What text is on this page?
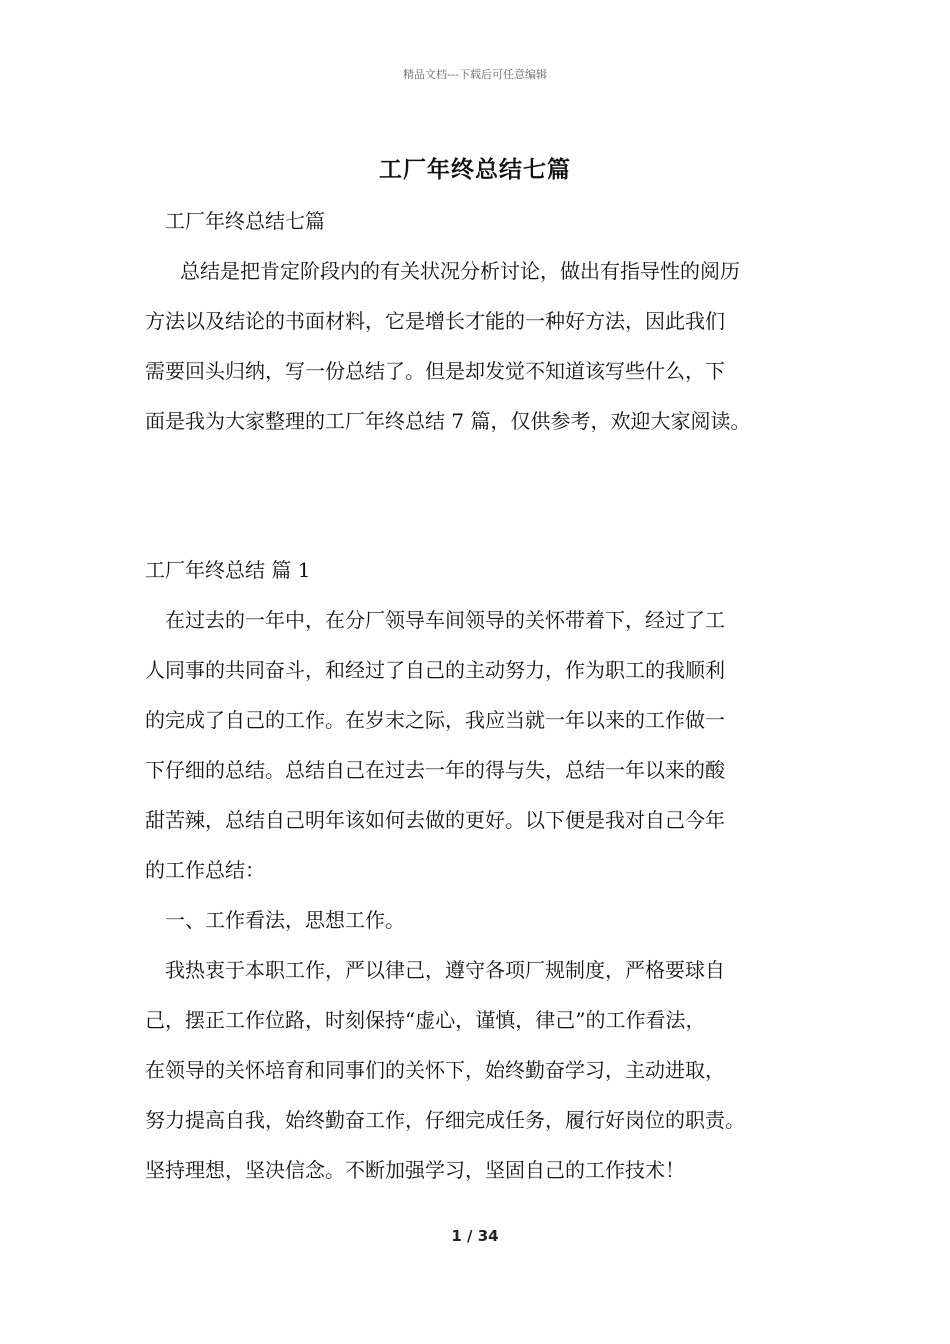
精品文档---下载后可任意编辑
工厂年终总结七篇

工厂年终总结七篇

总结是把肯定阶段内的有关状况分析讨论，做出有指导性的阅历

方法以及结论的书面材料，它是增长才能的一种好方法，因此我们

需要回头归纳，写一份总结了。但是却发觉不知道该写些什么，下

面是我为大家整理的工厂年终总结 7 篇，仅供参考，欢迎大家阅读。

工厂年终总结 篇 1

在过去的一年中，在分厂领导车间领导的关怀带着下，经过了工

人同事的共同奋斗，和经过了自己的主动努力，作为职工的我顺利

的完成了自己的工作。在岁末之际，我应当就一年以来的工作做一

下仔细的总结。总结自己在过去一年的得与失，总结一年以来的酸

甜苦辣，总结自己明年该如何去做的更好。以下便是我对自己今年

的工作总结：

一、工作看法，思想工作。

我热衷于本职工作，严以律己，遵守各项厂规制度，严格要球自

己，摆正工作位路，时刻保持“虚心，谨慎，律己”的工作看法，

在领导的关怀培育和同事们的关怀下，始终勤奋学习，主动进取，

努力提高自我，始终勤奋工作，仔细完成任务，履行好岗位的职责。

坚持理想，坚决信念。不断加强学习，坚固自己的工作技术！

1 / 34
